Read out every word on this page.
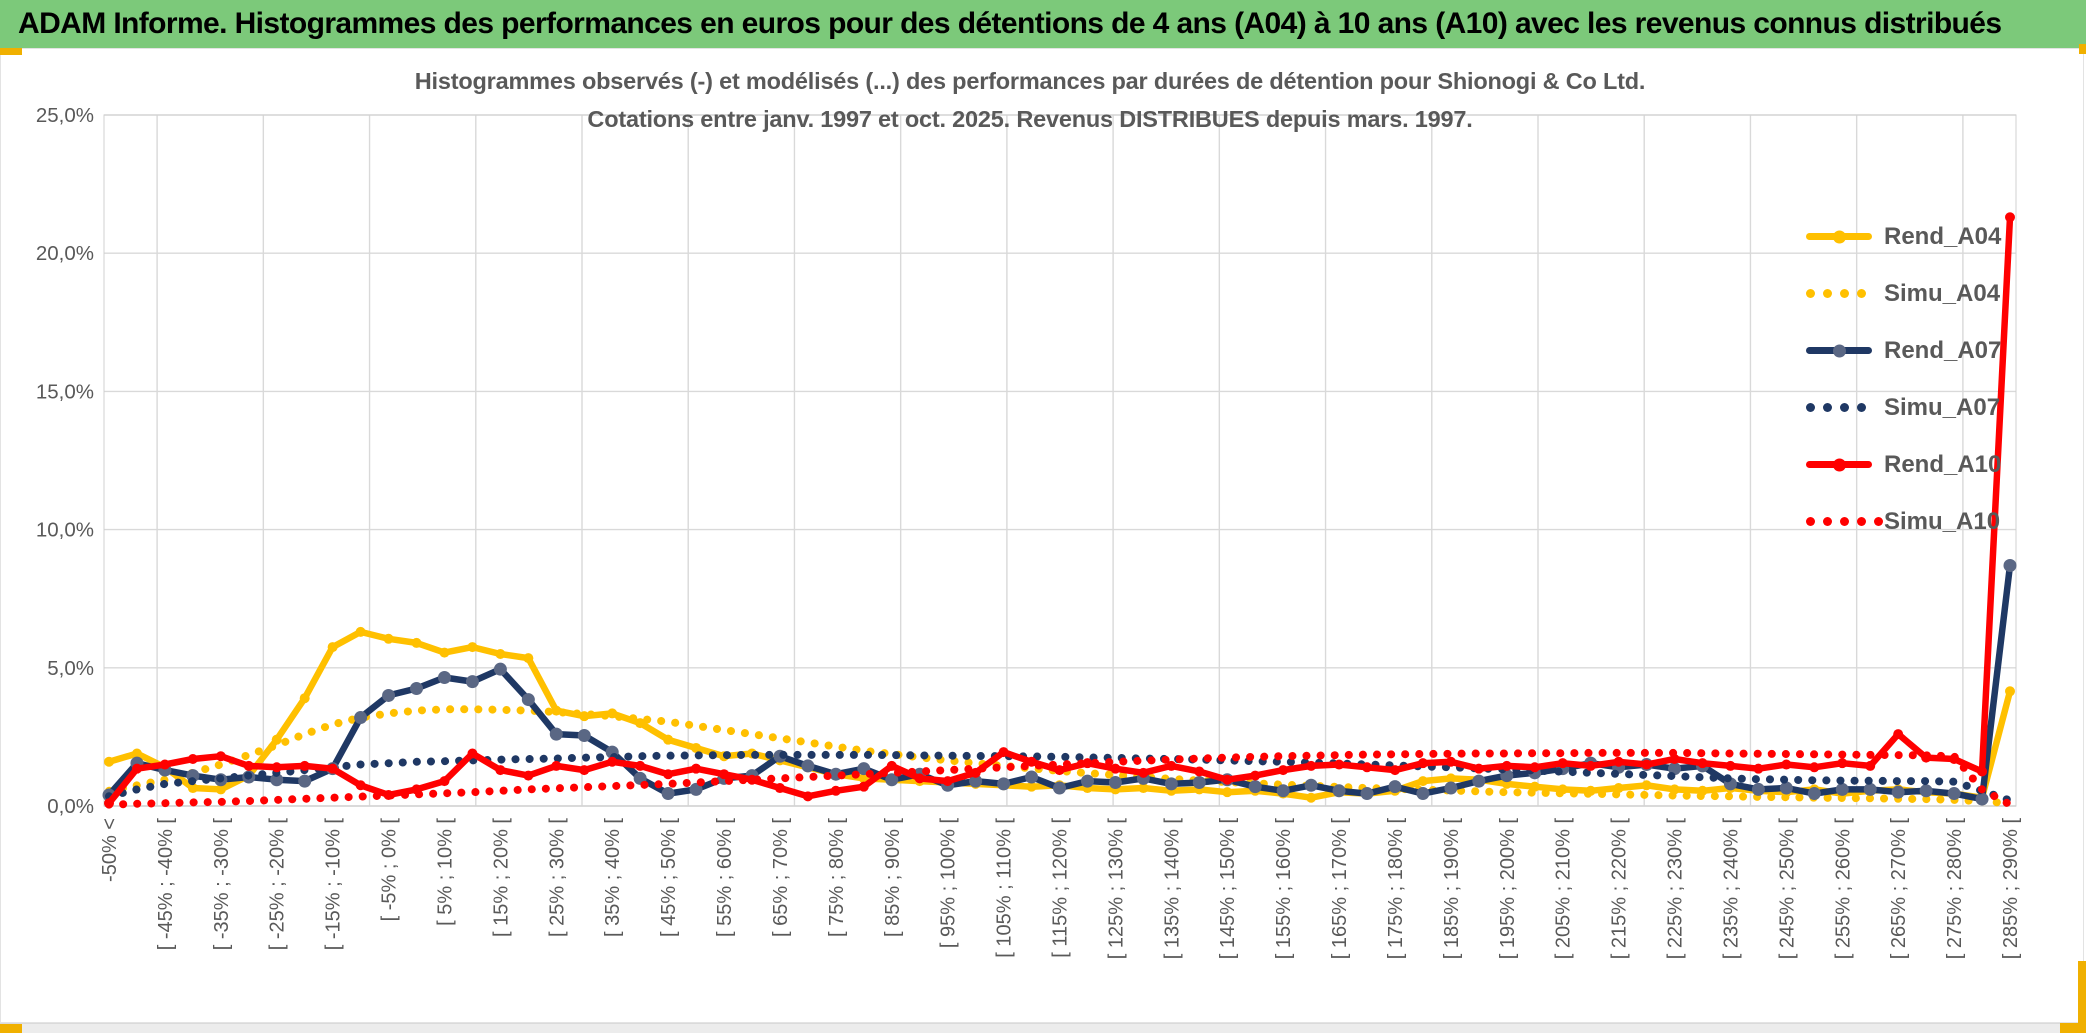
ADAM Informe. Histogrammes des performances en euros pour des détentions de 4 ans (A04) à 10 ans (A10) avec les revenus connus distribués
0,0%
5,0%
10,0%
15,0%
20,0%
25,0%
-50% < [ -45% ; -40% [ [ -35% ; -30% [ [ -25% ; -20% [ [ -15% ; -10% [ [ -5% ; 0% [ [ 5% ; 10% [ [ 15% ; 20% [ [ 25% ; 30% [ [ 35% ; 40% [ [ 45% ; 50% [ [ 55% ; 60% [ [ 65% ; 70% [ [ 75% ; 80% [ [ 85% ; 90% [ [ 95% ; 100% [ [ 105% ; 110% [ [ 115% ; 120% [ [ 125% ; 130% [ [ 135% ; 140% [ [ 145% ; 150% [ [ 155% ; 160% [ [ 165% ; 170% [ [ 175% ; 180% [ [ 185% ; 190% [ [ 195% ; 200% [ [ 205% ; 210% [ [ 215% ; 220% [ [ 225% ; 230% [ [ 235% ; 240% [ [ 245% ; 250% [ [ 255% ; 260% [ [ 265% ; 270% [ [ 275% ; 280% [ [ 285% ; 290% [
Histogrammes observés (-) et modélisés (...) des performances par durées de détention pour Shionogi & Co Ltd.
Cotations entre janv. 1997 et oct. 2025. Revenus DISTRIBUES depuis mars. 1997.
Rend_A04
Simu_A04
Rend_A07
Simu_A07
Rend_A10
Simu_A10
